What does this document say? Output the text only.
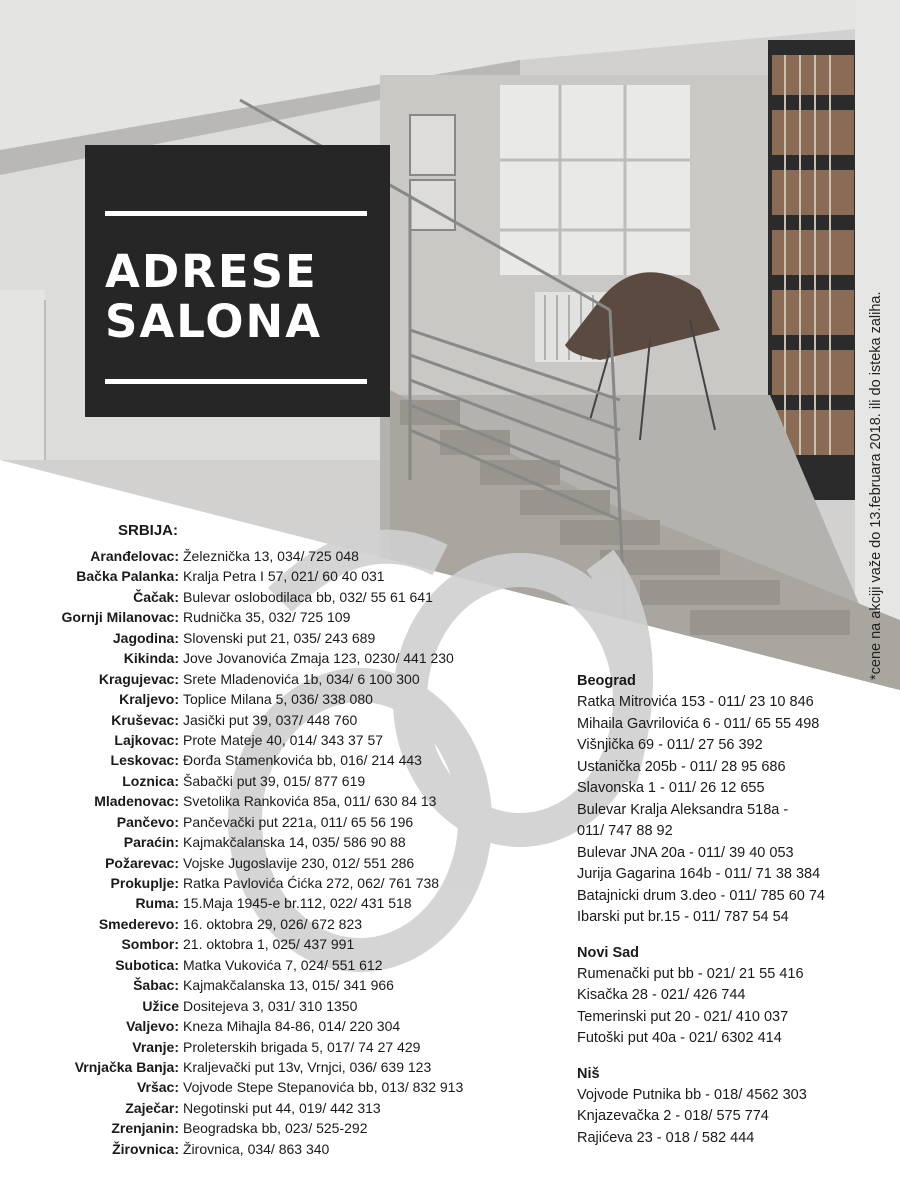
ADRESE
SALONA	*cene na akciji važe do 13.februara 2018. ili do isteka zaliha.
SRBIJA:
Aranđelovac: Železnička 13, 034/ 725 048
Bačka Palanka: Kralja Petra I 57, 021/ 60 40 031
Čačak: Bulevar oslobodilaca bb, 032/ 55 61 641
Gornji Milanovac: Rudnička 35, 032/ 725 109
Jagodina: Slovenski put 21, 035/ 243 689
Kikinda: Jove Jovanovića Zmaja 123, 0230/ 441 230
Kragujevac: Srete Mladenovića 1b, 034/ 6 100 300
Kraljevo: Toplice Milana 5, 036/ 338 080
Kruševac: Jasički put 39, 037/ 448 760
Lajkovac: Prote Mateje 40, 014/ 343 37 57
Leskovac: Đorđa Stamenkovića bb, 016/ 214 443
Loznica: Šabački put 39, 015/ 877 619
Mladenovac: Svetolika Rankovića 85a, 011/ 630 84 13
Pančevo: Pančevački put 221a, 011/ 65 56 196
Paraćin: Kajmakčalanska 14, 035/ 586 90 88
Požarevac: Vojske Jugoslavije 230, 012/ 551 286
Prokuplje: Ratka Pavlovića Ćićka 272, 062/ 761 738
Ruma: 15.Maja 1945-e br.112, 022/ 431 518
Smederevo: 16. oktobra 29, 026/ 672 823
Sombor: 21. oktobra 1, 025/ 437 991
Subotica: Matka Vukovića 7, 024/ 551 612
Šabac: Kajmakčalanska 13, 015/ 341 966
Užice Dositejeva 3, 031/ 310 1350
Valjevo: Kneza Mihajla 84-86, 014/ 220 304
Vranje: Proleterskih brigada 5, 017/ 74 27 429
Vrnjačka Banja: Kraljevački put 13v, Vrnjci, 036/ 639 123
Vršac: Vojvode Stepe Stepanovića bb, 013/ 832 913
Zaječar: Negotinski put 44, 019/ 442 313
Zrenjanin: Beogradska bb, 023/ 525-292
Žirovnica: Žirovnica, 034/ 863 340
Beograd
Ratka Mitrovića 153 - 011/ 23 10 846
Mihaila Gavrilovića 6 - 011/ 65 55 498
Višnjička 69 - 011/ 27 56 392
Ustanička 205b - 011/ 28 95 686
Slavonska 1 - 011/ 26 12 655
Bulevar Kralja Aleksandra 518a -
011/ 747 88 92
Bulevar JNA 20a - 011/ 39 40 053
Jurija Gagarina 164b - 011/ 71 38 384
Batajnicki drum 3.deo - 011/ 785 60 74
Ibarski put br.15 - 011/ 787 54 54
Novi Sad
Rumenački put bb - 021/ 21 55 416
Kisačka 28 - 021/ 426 744
Temerinski put 20 - 021/ 410 037
Futoški put 40a - 021/ 6302 414
Niš
Vojvode Putnika bb - 018/ 4562 303
Knjazevačka 2 - 018/ 575 774
Rajićeva 23 - 018 / 582 444
